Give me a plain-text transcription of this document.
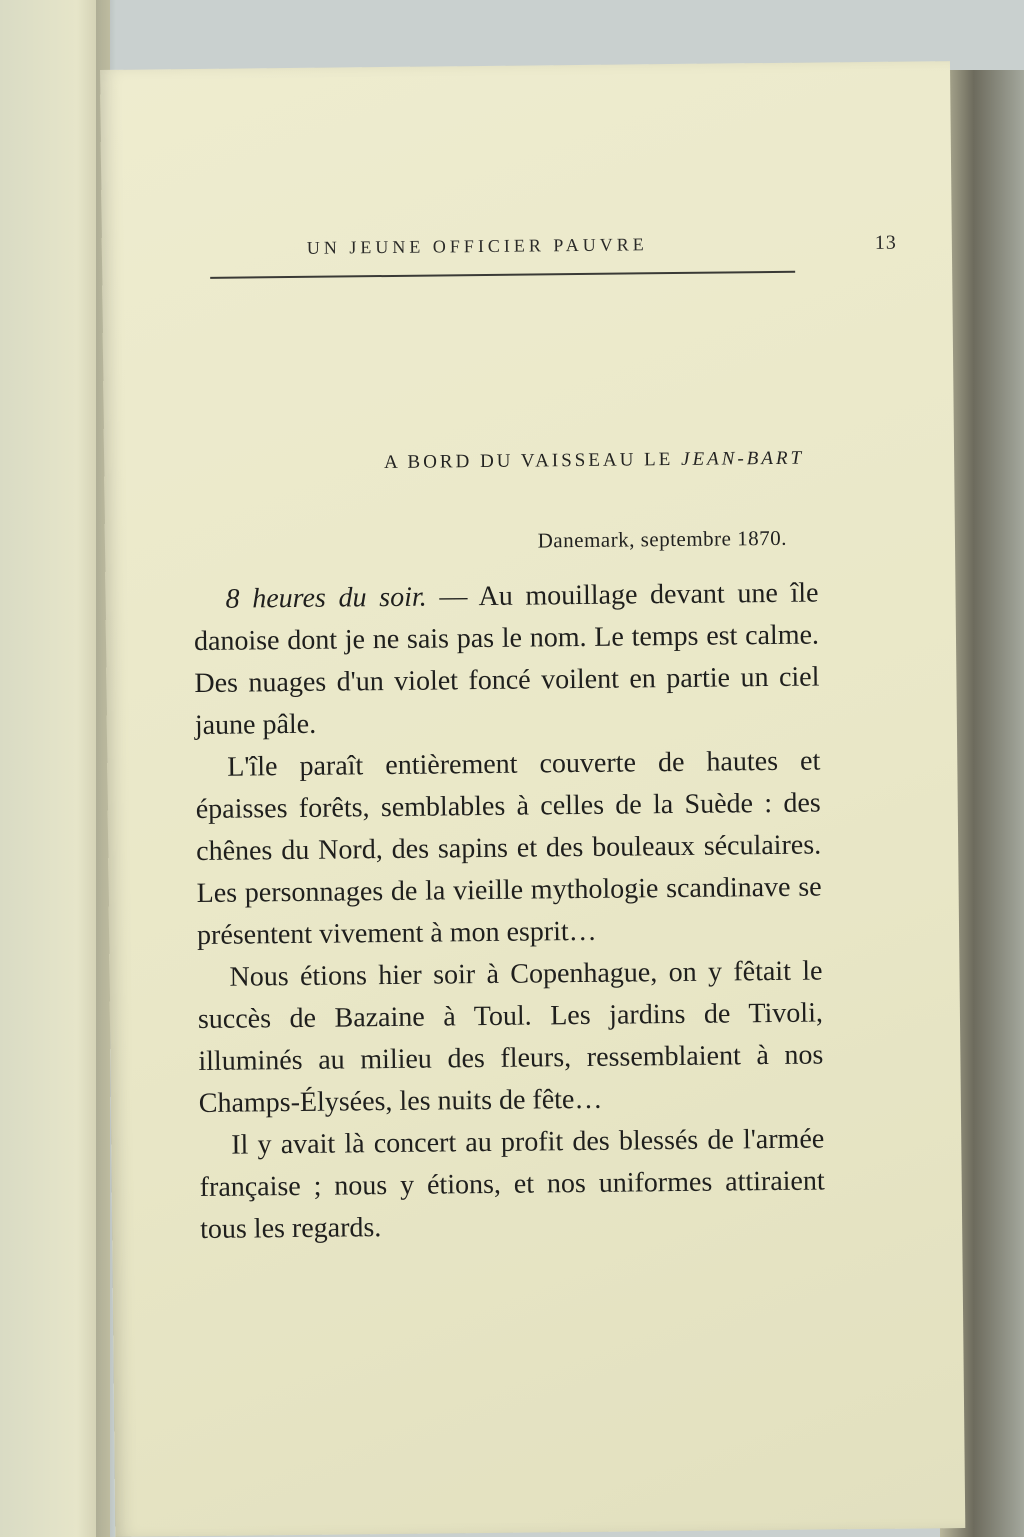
UN JEUNE OFFICIER PAUVRE	13
A BORD DU VAISSEAU LE JEAN-BART
Danemark, septembre 1870.

8 heures du soir. — Au mouillage devant une île danoise dont je ne sais pas le nom. Le temps est calme. Des nuages d'un violet foncé voilent en partie un ciel jaune pâle.

L'île paraît entièrement couverte de hautes et épaisses forêts, semblables à celles de la Suède : des chênes du Nord, des sapins et des bouleaux séculaires. Les personnages de la vieille mythologie scandinave se présentent vivement à mon esprit…

Nous étions hier soir à Copenhague, on y fêtait le succès de Bazaine à Toul. Les jardins de Tivoli, illuminés au milieu des fleurs, ressemblaient à nos Champs-Élysées, les nuits de fête…

Il y avait là concert au profit des blessés de l'armée française ; nous y étions, et nos uniformes attiraient tous les regards.
